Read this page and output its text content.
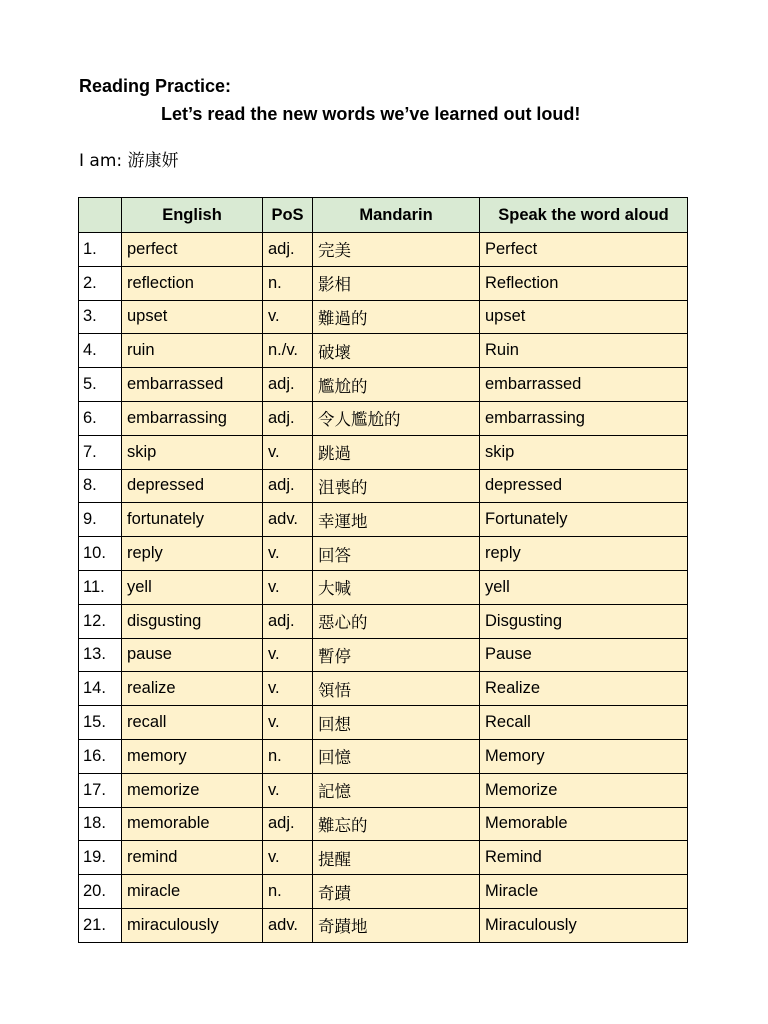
Reading Practice:
Let’s read the new words we’ve learned out loud!
I am: 游康妍
	English	PoS	Mandarin	Speak the word aloud
1.	perfect	adj.	完美	Perfect
2.	reflection	n.	影相	Reflection
3.	upset	v.	難過的	upset
4.	ruin	n./v.	破壞	Ruin
5.	embarrassed	adj.	尷尬的	embarrassed
6.	embarrassing	adj.	令人尷尬的	embarrassing
7.	skip	v.	跳過	skip
8.	depressed	adj.	沮喪的	depressed
9.	fortunately	adv.	幸運地	Fortunately
10.	reply	v.	回答	reply
11.	yell	v.	大喊	yell
12.	disgusting	adj.	惡心的	Disgusting
13.	pause	v.	暫停	Pause
14.	realize	v.	領悟	Realize
15.	recall	v.	回想	Recall
16.	memory	n.	回憶	Memory
17.	memorize	v.	記憶	Memorize
18.	memorable	adj.	難忘的	Memorable
19.	remind	v.	提醒	Remind
20.	miracle	n.	奇蹟	Miracle
21.	miraculously	adv.	奇蹟地	Miraculously
